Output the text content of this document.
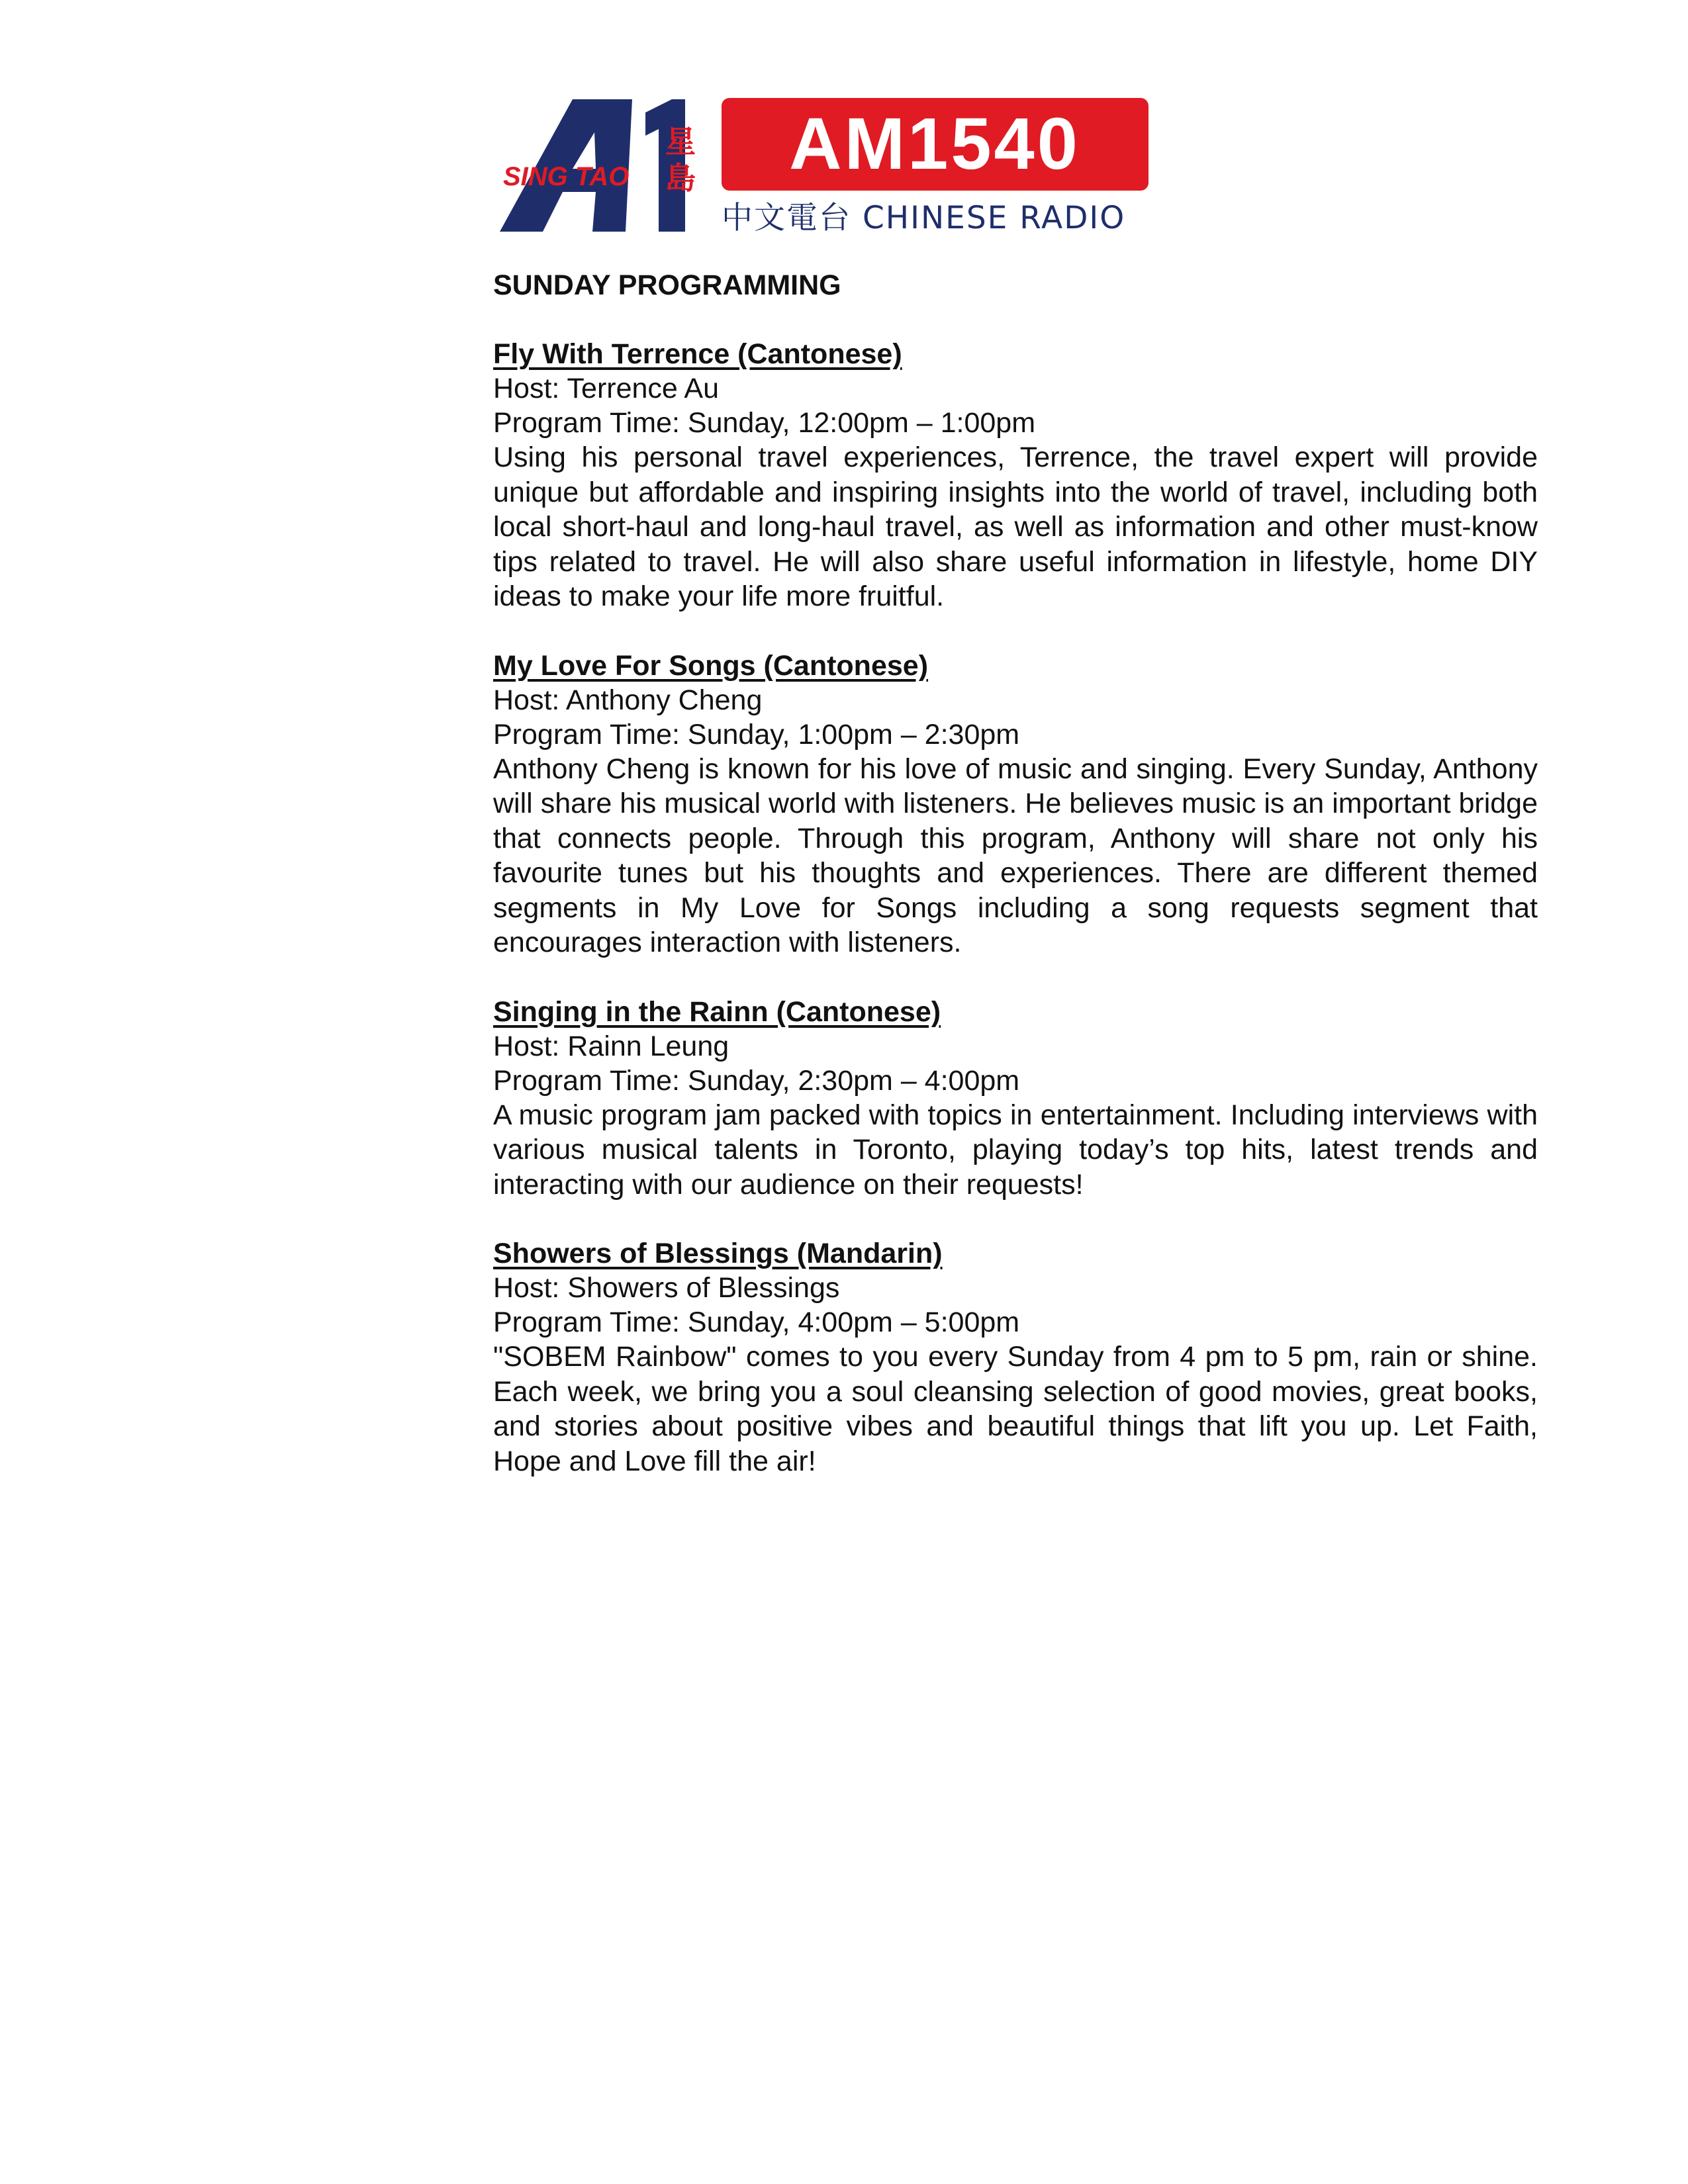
SING TAO
星
島 AM1540
中文電台 CHINESE RADIO
SUNDAY PROGRAMMING
Fly With Terrence (Cantonese)
Host: Terrence Au
Program Time: Sunday, 12:00pm – 1:00pm
Using his personal travel experiences, Terrence, the travel expert will provide unique but affordable and inspiring insights into the world of travel, including both local short-haul and long-haul travel, as well as information and other must-know tips related to travel. He will also share useful information in lifestyle, home DIY ideas to make your life more fruitful.
My Love For Songs (Cantonese)
Host: Anthony Cheng
Program Time: Sunday, 1:00pm – 2:30pm
Anthony Cheng is known for his love of music and singing. Every Sunday, Anthony will share his musical world with listeners. He believes music is an important bridge that connects people. Through this program, Anthony will share not only his favourite tunes but his thoughts and experiences. There are different themed segments in My Love for Songs including a song requests segment that encourages interaction with listeners.
Singing in the Rainn (Cantonese)
Host: Rainn Leung
Program Time: Sunday, 2:30pm – 4:00pm
A music program jam packed with topics in entertainment. Including interviews with various musical talents in Toronto, playing today’s top hits, latest trends and interacting with our audience on their requests!
Showers of Blessings (Mandarin)
Host: Showers of Blessings
Program Time: Sunday, 4:00pm – 5:00pm
"SOBEM Rainbow" comes to you every Sunday from 4 pm to 5 pm, rain or shine. Each week, we bring you a soul cleansing selection of good movies, great books, and stories about positive vibes and beautiful things that lift you up. Let Faith, Hope and Love fill the air!
